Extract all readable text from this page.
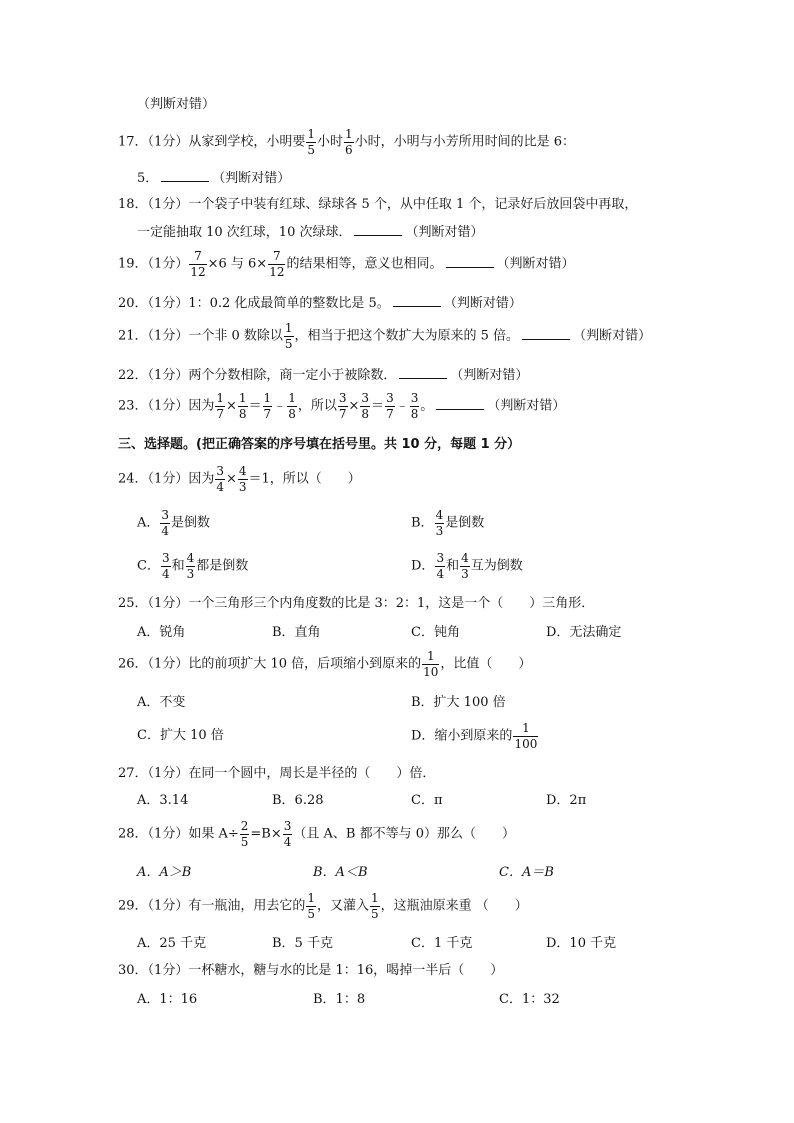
（判断对错）
17．（1分）从家到学校，小明要 $\frac{1}{5}$ 小时 $\frac{1}{6}$ 小时，小明与小芳所用时间的比是 6：
5．	（判断对错）
18．（1分）一个袋子中装有红球、绿球各 5 个，从中任取 1 个，记录好后放回袋中再取，
一定能抽取 10 次红球，10 次绿球．	（判断对错）
19．（1分） $\frac{7}{12} \times 6$ 与 $6\times \frac{7}{12}$ 的结果相等，意义也相同。	（判断对错）
20．（1分）1：0.2 化成最简单的整数比是 5。	（判断对错）
21．（1分）一个非 0 数除以 $\frac{1}{5}$ ，相当于把这个数扩大为原来的 5 倍。	（判断对错）
22．（1分）两个分数相除，商一定小于被除数．	（判断对错）
23．（1分）因为 $\frac{1}{7} \times \frac{1}{8} = \frac{1}{7}$ ﹣ $\frac{1}{8}$ ，所以 $\frac{3}{7} \times \frac{3}{8} = \frac{3}{7}$ ﹣ $\frac{3}{8}$ 。	（判断对错）
三、选择题。(把正确答案的序号填在括号里。共 10 分，每题 1 分）
24．（1分）因为 $\frac{3}{4} \times \frac{4}{3} =1$，所以（　　）
A． $\frac{3}{4}$ 是倒数	B． $\frac{4}{3}$ 是倒数
C． $\frac{3}{4}$ 和 $\frac{4}{3}$ 都是倒数	D． $\frac{3}{4}$ 和 $\frac{4}{3}$ 互为倒数
25．（1分）一个三角形三个内角度数的比是 3：2：1，这是一个（　　）三角形．
A．锐角	B．直角	C．钝角	D．无法确定
26．（1分）比的前项扩大 10 倍，后项缩小到原来的 $\frac{1}{10}$ ，比值（　　）
A．不变	B．扩大 100 倍
C．扩大 10 倍	D．缩小到原来的 $\frac{1}{100}$
27．（1分）在同一个圆中，周长是半径的（　　）倍．
A．3.14	B．6.28	C．π	D．2π
28．（1分）如果 $A\div \frac{2}{5} =B\times \frac{3}{4}$ （且 A、B 都不等与 0）那么（　　）
A．A＞B	B．A＜B	C．A＝B
29．（1分）有一瓶油，用去它的 $\frac{1}{5}$ ，又灌入 $\frac{1}{5}$ ，这瓶油原来重 （　　）
A．25 千克	B．5 千克	C．1 千克	D．10 千克
30．（1分）一杯糖水，糖与水的比是 1：16，喝掉一半后（　　）
A．1：16	B．1：8	C．1：32
